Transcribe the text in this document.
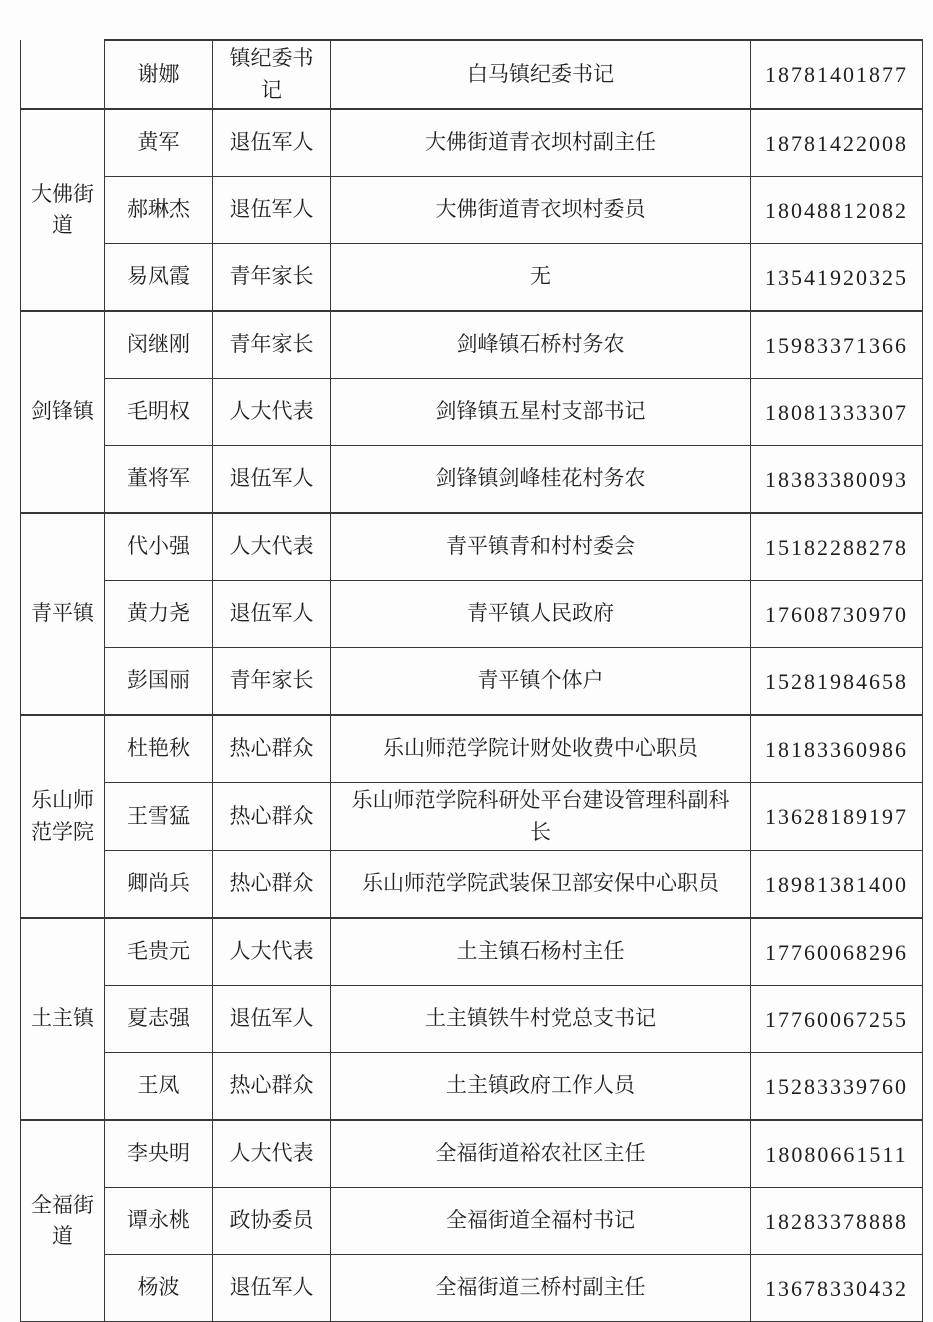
	谢娜	镇纪委书记	白马镇纪委书记	18781401877
大佛街道	黄军	退伍军人	大佛街道青衣坝村副主任	18781422008
	郝琳杰	退伍军人	大佛街道青衣坝村委员	18048812082
	易凤霞	青年家长	无	13541920325
剑锋镇	闵继刚	青年家长	剑峰镇石桥村务农	15983371366
	毛明权	人大代表	剑锋镇五星村支部书记	18081333307
	董将军	退伍军人	剑锋镇剑峰桂花村务农	18383380093
青平镇	代小强	人大代表	青平镇青和村村委会	15182288278
	黄力尧	退伍军人	青平镇人民政府	17608730970
	彭国丽	青年家长	青平镇个体户	15281984658
乐山师范学院	杜艳秋	热心群众	乐山师范学院计财处收费中心职员	18183360986
	王雪猛	热心群众	乐山师范学院科研处平台建设管理科副科长	13628189197
	卿尚兵	热心群众	乐山师范学院武装保卫部安保中心职员	18981381400
土主镇	毛贵元	人大代表	土主镇石杨村主任	17760068296
	夏志强	退伍军人	土主镇铁牛村党总支书记	17760067255
	王凤	热心群众	土主镇政府工作人员	15283339760
全福街道	李央明	人大代表	全福街道裕农社区主任	18080661511
	谭永桃	政协委员	全福街道全福村书记	18283378888
	杨波	退伍军人	全福街道三桥村副主任	13678330432
